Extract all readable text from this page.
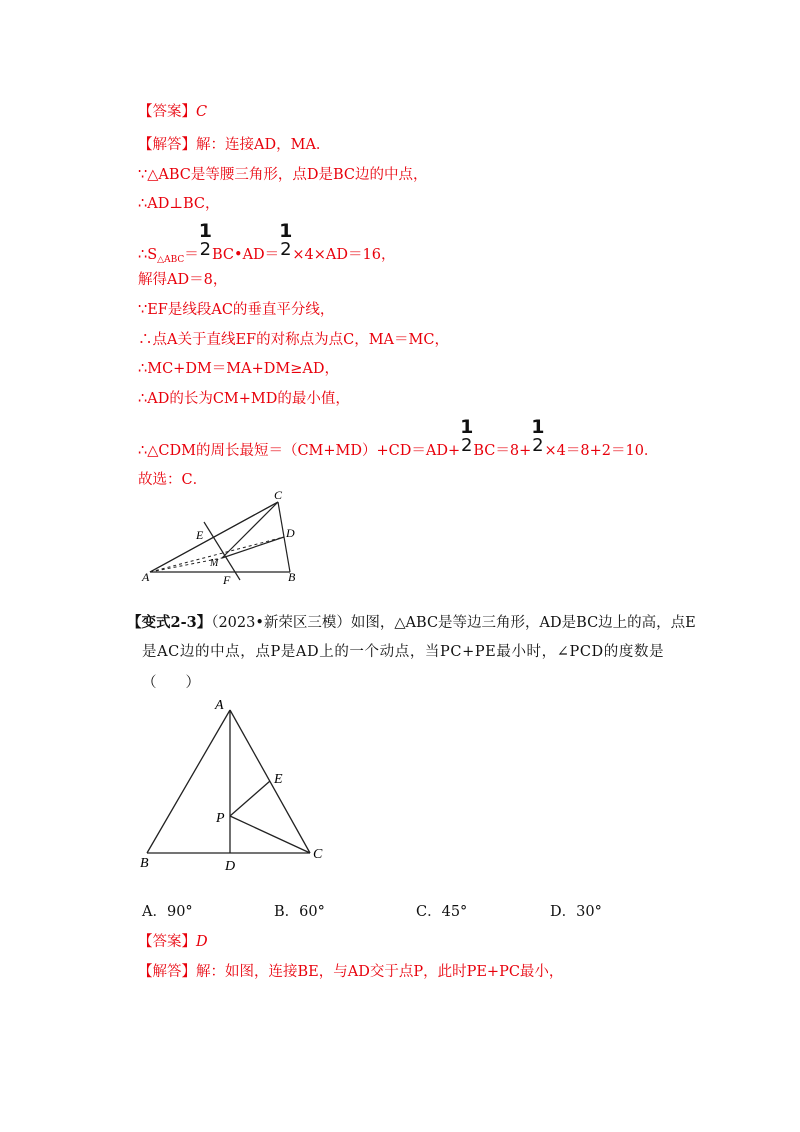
【答案】C
【解答】解：连接AD，MA．
∵△ABC是等腰三角形，点D是BC边的中点，
∴AD⊥BC，
$\therefore S_{\triangle ABC}=$
1
2 BC•AD＝
1
2 ×4×AD＝16，
解得AD＝8，
∵EF是线段AC的垂直平分线，
∴点A关于直线EF的对称点为点C，MA＝MC，
∴MC+DM＝MA+DM≥AD，
∴AD的长为CM+MD的最小值，
∴△CDM的周长最短＝（CM+MD）+CD＝AD+
1
2 BC＝8+
1
2 ×4＝8+2＝10．
故选：C．
C
D
E
M
A	F	B
【变式2-3】（2023•新荣区三模）如图，△ABC是等边三角形，AD是BC边上的高，点E
是AC边的中点，点P是AD上的一个动点，当PC+PE最小时，∠PCD的度数是
（　　）
A
E
P
B	D
C
A．90°	B．60°	C．45°	D．30°
【答案】D
【解答】解：如图，连接BE，与AD交于点P，此时PE+PC最小，
